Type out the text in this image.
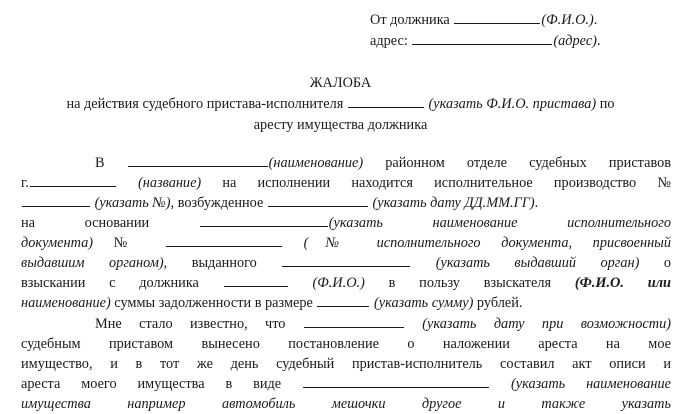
От должника	(Ф.И.О.).
адрес:	(адрес).
ЖАЛОБА
на действия судебного пристава-исполнителя	(указать Ф.И.О. пристава) по
аресту имущества должника
В	(наименование) районном отделе судебных приставов
г.	(название) на исполнении находится исполнительное производство №
(указать №), возбужденное	(указать дату ДД.ММ.ГГ).
на	основании	(указать наименование исполнительного
документа) №	(№ исполнительного документа, присвоенный
выдавшим органом), выданного	(указать выдавший орган) о
взыскании с должника	(Ф.И.О.) в пользу взыскателя (Ф.И.О. или
наименование) суммы задолженности в размере	(указать сумму) рублей.
Мне стало известно, что	(указать дату при возможности)
судебным приставом вынесено постановление о наложении ареста на мое
имущество, и в тот же день судебный пристав-исполнитель составил акт описи и
ареста моего имущества в виде	(указать наименование
имущества например автомобиль мешочки другое и также указать
